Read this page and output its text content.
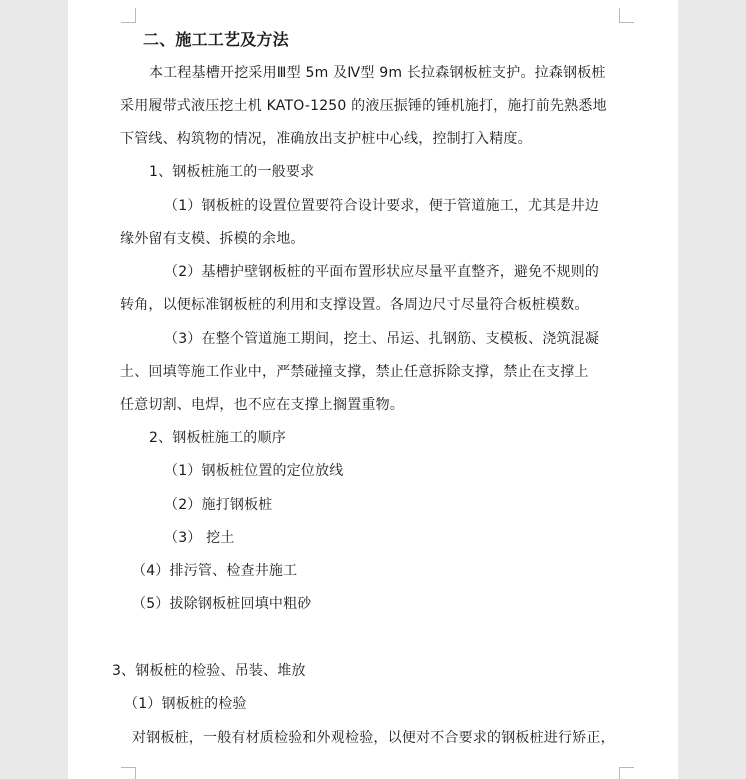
二、施工工艺及方法
本工程基槽开挖采用Ⅲ型 5m 及Ⅳ型 9m 长拉森钢板桩支护。拉森钢板桩
采用履带式液压挖土机 KATO-1250 的液压振锤的锤机施打，施打前先熟悉地
下管线、构筑物的情况，准确放出支护桩中心线，控制打入精度。
1、钢板桩施工的一般要求
（1）钢板桩的设置位置要符合设计要求，便于管道施工，尤其是井边
缘外留有支模、拆模的余地。
（2）基槽护壁钢板桩的平面布置形状应尽量平直整齐，避免不规则的
转角，以便标准钢板桩的利用和支撑设置。各周边尺寸尽量符合板桩模数。
（3）在整个管道施工期间，挖土、吊运、扎钢筋、支模板、浇筑混凝
土、回填等施工作业中，严禁碰撞支撑，禁止任意拆除支撑，禁止在支撑上
任意切割、电焊，也不应在支撑上搁置重物。
2、钢板桩施工的顺序
（1）钢板桩位置的定位放线
（2）施打钢板桩
（3） 挖土
（4）排污管、检查井施工
（5）拔除钢板桩回填中粗砂
3、钢板桩的检验、吊装、堆放
（1）钢板桩的检验
对钢板桩，一般有材质检验和外观检验，以便对不合要求的钢板桩进行矫正，
